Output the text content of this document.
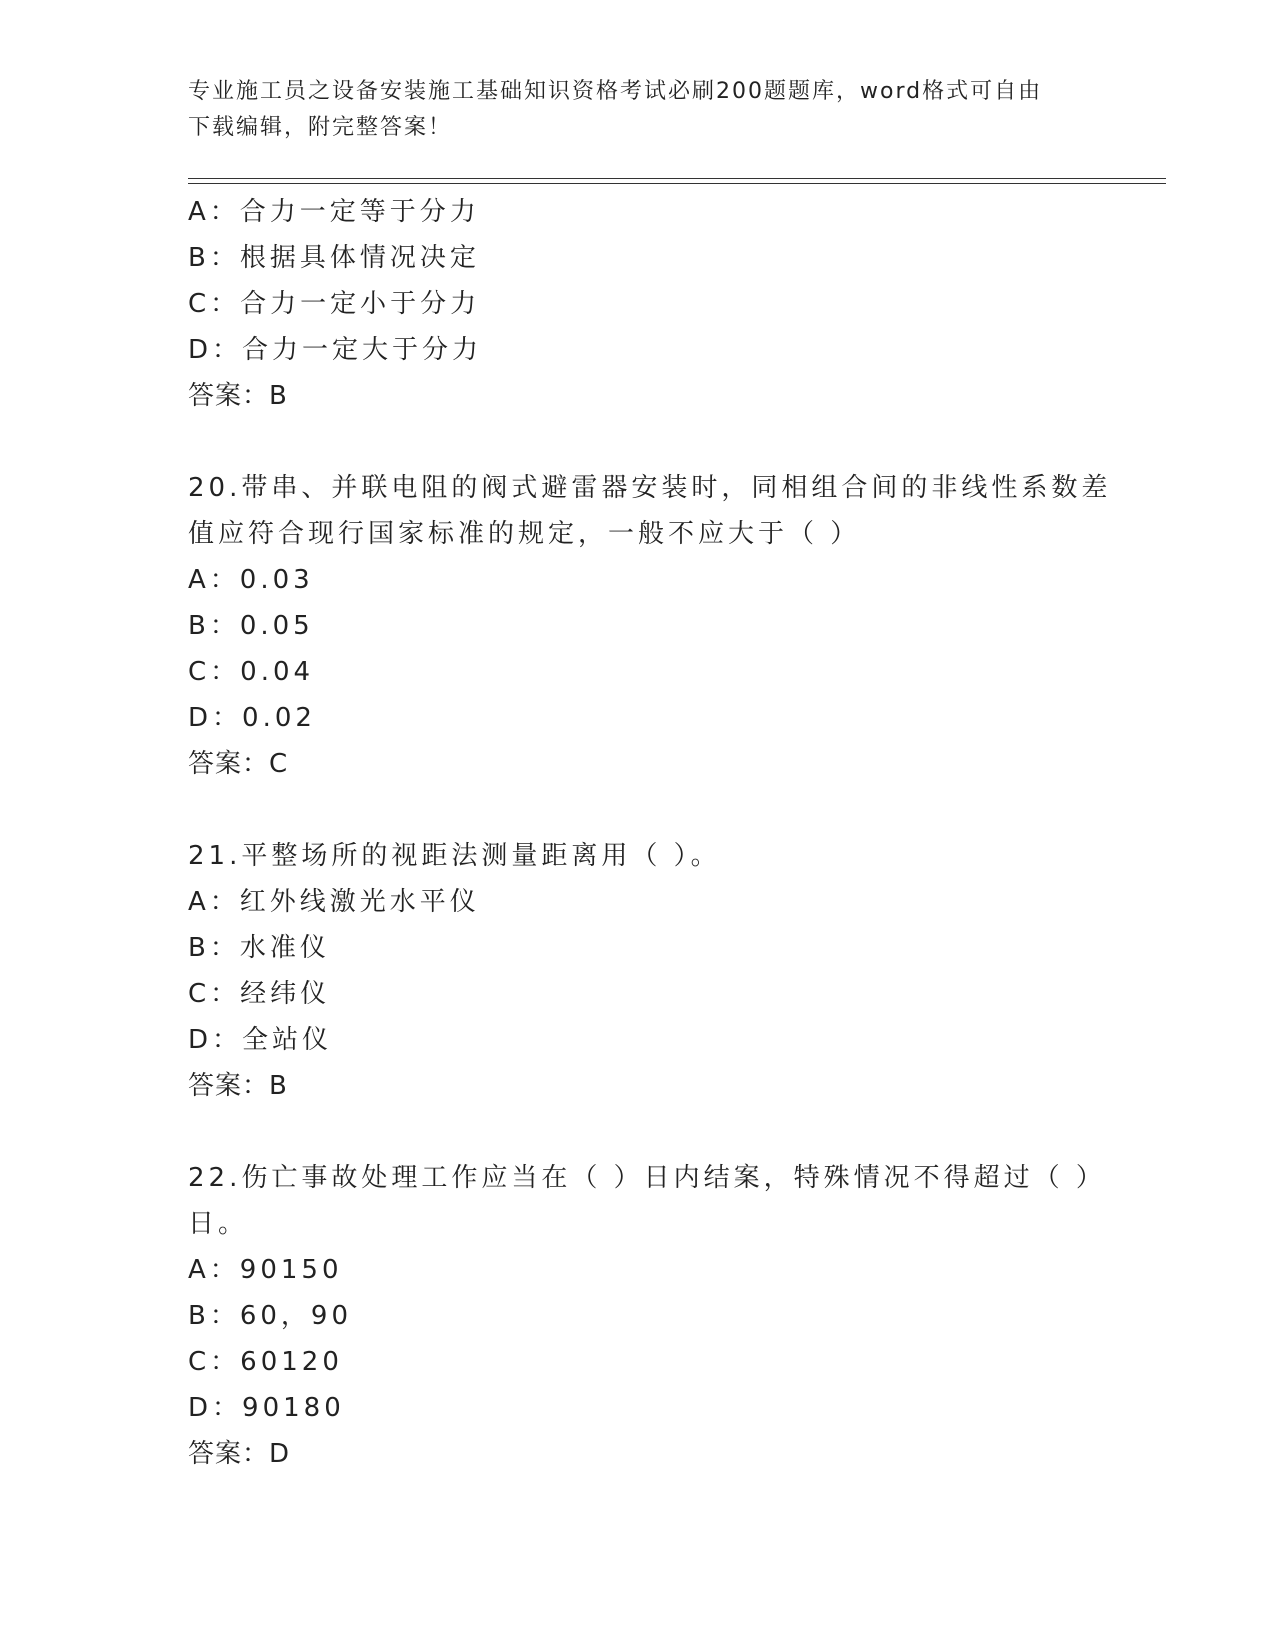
专业施工员之设备安装施工基础知识资格考试必刷200题题库，word格式可自由
下载编辑，附完整答案！
A：合力一定等于分力
B：根据具体情况决定
C：合力一定小于分力
D：合力一定大于分力
答案：B
20.带串、并联电阻的阀式避雷器安装时，同相组合间的非线性系数差
值应符合现行国家标准的规定，一般不应大于（ ）
A：0.03
B：0.05
C：0.04
D：0.02
答案：C
21.平整场所的视距法测量距离用（ ）。
A：红外线激光水平仪
B：水准仪
C：经纬仪
D：全站仪
答案：B
22.伤亡事故处理工作应当在（ ）日内结案，特殊情况不得超过（ ）
日。
A：90150
B：60，90
C：60120
D：90180
答案：D
